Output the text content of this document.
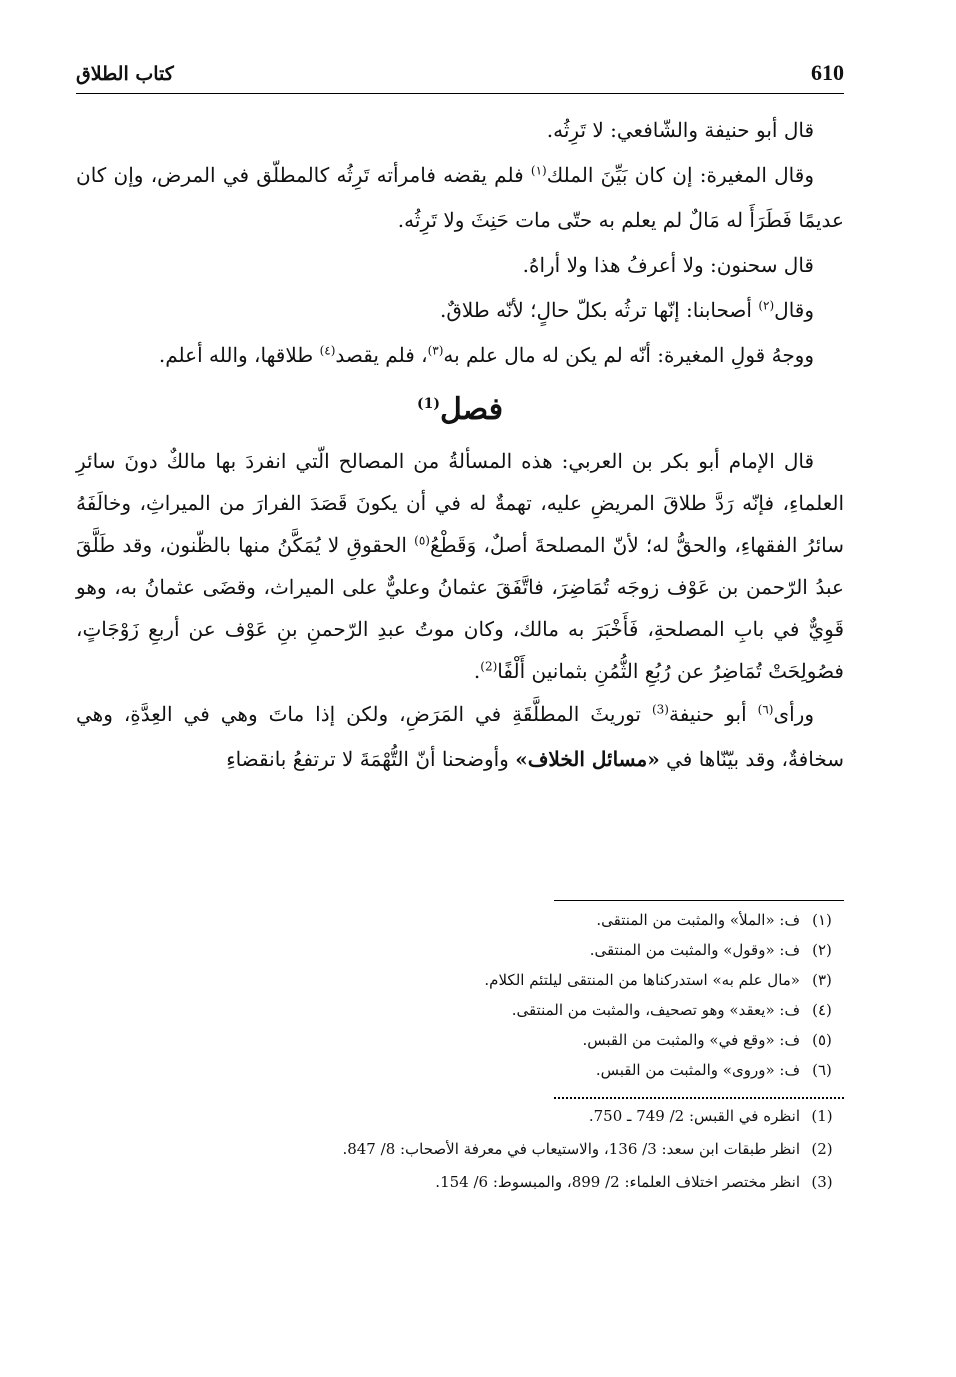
610
كتاب الطلاق

قال أبو حنيفة والشّافعي: لا تَرِثُه.

وقال المغيرة: إن كان بَيِّنَ الملك$^{(١)}$ فلم يقضه فامرأته تَرِثُه كالمطلّق في المرض، وإن كان عديمًا فَطَرَأَ له مَالٌ لم يعلم به حتّى مات حَنِثَ ولا تَرِثُه.

قال سحنون: ولا أعرفُ هذا ولا أراهُ.

وقال$^{(٢)}$ أصحابنا: إنّها ترثُه بكلّ حالٍ؛ لأنّه طلاقٌ.

ووجهُ قولِ المغيرة: أنّه لم يكن له مال علم به$^{(٣)}$، فلم يقصد$^{(٤)}$ طلاقها، والله أعلم.

فصل$^{(1)}$

قال الإمام أبو بكر بن العربي: هذه المسألةُ من المصالح الّتي انفردَ بها مالكٌ دونَ سائرِ العلماءِ، فإنّه رَدَّ طلاقَ المريضِ عليه، تهمةٌ له في أن يكونَ قَصَدَ الفرارَ من الميراثِ، وخالَفَهُ سائرُ الفقهاءِ، والحقُّ له؛ لأنّ المصلحةَ أصلٌ، وَقَطْعُ$^{(٥)}$ الحقوقِ لا يُمَكَّنُ منها بالظّنون، وقد طَلَّقَ عبدُ الرّحمن بن عَوْف زوجَه تُمَاضِرَ، فاتَّفَقَ عثمانُ وعليٌّ على الميراث، وقضَى عثمانُ به، وهو قَوِيٌّ في بابِ المصلحةِ، فَأَخْبَرَ به مالك، وكان موتُ عبدِ الرّحمنِ بنِ عَوْف عن أربعِ زَوْجَاتٍ، فصُولِحَتْ تُمَاضِرُ عن رُبُعِ الثُّمُنِ بثمانين أَلْفًا$^{(2)}$.

ورأى$^{(٦)}$ أبو حنيفة$^{(3)}$ توريثَ المطلَّقَةِ في المَرَضِ، ولكن إذا ماتَ وهي في العِدَّةِ، وهي سخافةٌ، وقد بيّنّاها في «مسائل الخلاف» وأوضحنا أنّ التُّهْمَةَ لا ترتفعُ بانقضاءِ

(١)
ف: «الملأ» والمثبت من المنتقى.
(٢)
ف: «وقول» والمثبت من المنتقى.
(٣)
«مال علم به» استدركناها من المنتقى ليلتئم الكلام.
(٤)
ف: «يعقد» وهو تصحيف، والمثبت من المنتقى.
(٥)
ف: «وقع في» والمثبت من القبس.
(٦)
ف: «وروى» والمثبت من القبس.
(1)
انظره في القبس: 2/ 749 ـ 750.
(2)
انظر طبقات ابن سعد: 3/ 136، والاستيعاب في معرفة الأصحاب: 8/ 847.
(3)
انظر مختصر اختلاف العلماء: 2/ 899، والمبسوط: 6/ 154.
